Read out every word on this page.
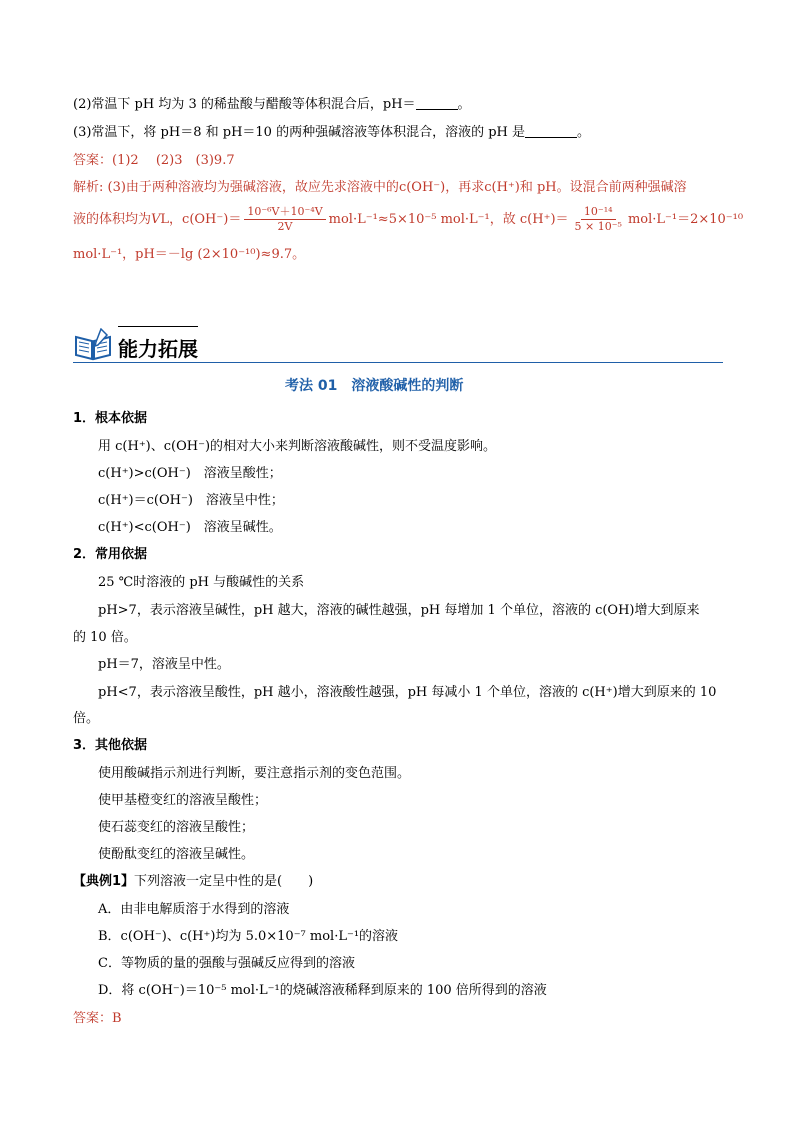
(2)常温下 pH 均为 3 的稀盐酸与醋酸等体积混合后，pH＝	。
(3)常温下，将 pH＝8 和 pH＝10 的两种强碱溶液等体积混合，溶液的 pH 是	。
答案：(1)2　 (2)3　(3)9.7
解析: (3)由于两种溶液均为强碱溶液，故应先求溶液中的c(OH⁻)，再求c(H⁺)和 pH。设混合前两种强碱溶
液的体积均为VL，$c(OH^-)= \frac{\text{10⁻⁶V＋10⁻⁴V}}{2V} mol\cdot L^{-1}\approx 5\times 10^{-5}$ mol·L⁻¹，故 $c(H^+)= \frac{\text{10⁻¹⁴}}{\text{5 × 10⁻⁵}} mol\cdot L^{-1}=2\times 10^{-10}$
mol·L⁻¹，pH＝－lg (2×10⁻¹⁰)≈9.7。
能力拓展
考法 01　溶液酸碱性的判断
1．根本依据
用 c(H⁺)、c(OH⁻)的相对大小来判断溶液酸碱性，则不受温度影响。
c(H⁺)>c(OH⁻)　溶液呈酸性；
c(H⁺)＝c(OH⁻)　溶液呈中性；
c(H⁺)<c(OH⁻)　溶液呈碱性。
2．常用依据
25 ℃时溶液的 pH 与酸碱性的关系
pH>7，表示溶液呈碱性，pH 越大，溶液的碱性越强，pH 每增加 1 个单位，溶液的 c(OH)增大到原来
的 10 倍。
pH＝7，溶液呈中性。
pH<7，表示溶液呈酸性，pH 越小，溶液酸性越强，pH 每减小 1 个单位，溶液的 c(H⁺)增大到原来的 10
倍。
3．其他依据
使用酸碱指示剂进行判断，要注意指示剂的变色范围。
使甲基橙变红的溶液呈酸性；
使石蕊变红的溶液呈酸性；
使酚酞变红的溶液呈碱性。
【典例1】下列溶液一定呈中性的是(　　)
A．由非电解质溶于水得到的溶液
B．c(OH⁻)、c(H⁺)均为 5.0×10⁻⁷ mol·L⁻¹的溶液
C．等物质的量的强酸与强碱反应得到的溶液
D．将 c(OH⁻)＝10⁻⁵ mol·L⁻¹的烧碱溶液稀释到原来的 100 倍所得到的溶液
答案：B
